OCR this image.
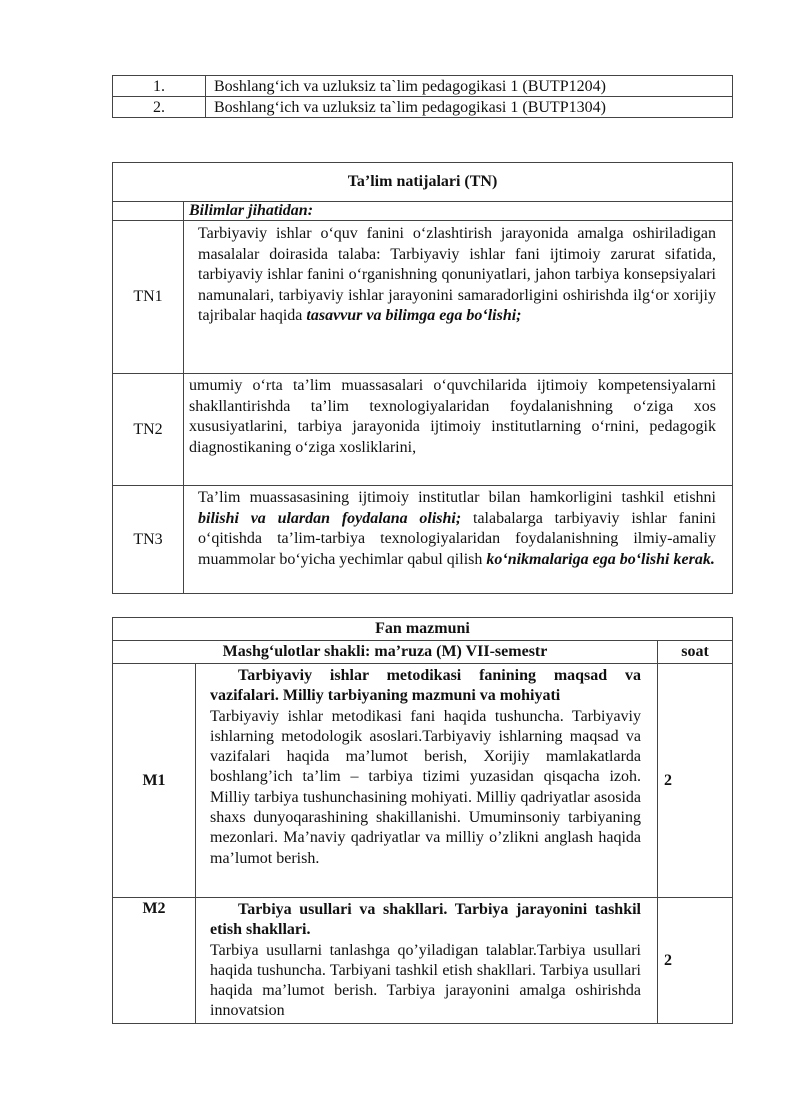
1.	Boshlang‘ich va uzluksiz ta`lim pedagogikasi 1 (BUTP1204)
2.	Boshlang‘ich va uzluksiz ta`lim pedagogikasi 1 (BUTP1304)
Ta’lim natijalari (TN)	
	Bilimlar jihatidan:
TN1	Tarbiyaviy ishlar o‘quv fanini o‘zlashtirish jarayonida amalga oshiriladigan masalalar doirasida talaba: Tarbiyaviy ishlar fani ijtimoiy zarurat sifatida, tarbiyaviy ishlar fanini o‘rganishning qonuniyatlari, jahon tarbiya konsepsiyalari namunalari, tarbiyaviy ishlar jarayonini samaradorligini oshirishda ilg‘or xorijiy tajribalar haqida tasavvur va bilimga ega bo‘lishi;
TN2	umumiy o‘rta ta’lim muassasalari o‘quvchilarida ijtimoiy kompetensiyalarni shakllantirishda ta’lim texnologiyalaridan foydalanishning o‘ziga xos xususiyatlarini, tarbiya jarayonida ijtimoiy institutlarning o‘rnini, pedagogik diagnostikaning o‘ziga xosliklarini,
TN3	Ta’lim muassasasining ijtimoiy institutlar bilan hamkorligini tashkil etishni bilishi va ulardan foydalana olishi; talabalarga tarbiyaviy ishlar fanini o‘qitishda ta’lim-tarbiya texnologiyalaridan foydalanishning ilmiy-amaliy muammolar bo‘yicha yechimlar qabul qilish ko‘nikmalariga ega bo‘lishi kerak.
Fan mazmuni		
Mashg‘ulotlar shakli: ma’ruza (M) VII-semestr		soat
M1	Tarbiyaviy ishlar metodikasi fanining maqsad va vazifalari. Milliy tarbiyaning mazmuni va mohiyati
Tarbiyaviy ishlar metodikasi fani haqida tushuncha. Tarbiyaviy ishlarning metodologik asoslari.Tarbiyaviy ishlarning maqsad va vazifalari haqida ma’lumot berish, Xorijiy mamlakatlarda boshlang’ich ta’lim – tarbiya tizimi yuzasidan qisqacha izoh. Milliy tarbiya tushunchasining mohiyati. Milliy qadriyatlar asosida shaxs dunyoqarashining shakillanishi. Umuminsoniy tarbiyaning mezonlari. Ma’naviy qadriyatlar va milliy o’zlikni anglash haqida ma’lumot berish.	2
M2	Tarbiya usullari va shakllari. Tarbiya jarayonini tashkil etish shakllari.
Tarbiya usullarni tanlashga qo’yiladigan talablar.Tarbiya usullari haqida tushuncha. Tarbiyani tashkil etish shakllari. Tarbiya usullari haqida ma’lumot berish. Tarbiya jarayonini amalga oshirishda innovatsion	2
